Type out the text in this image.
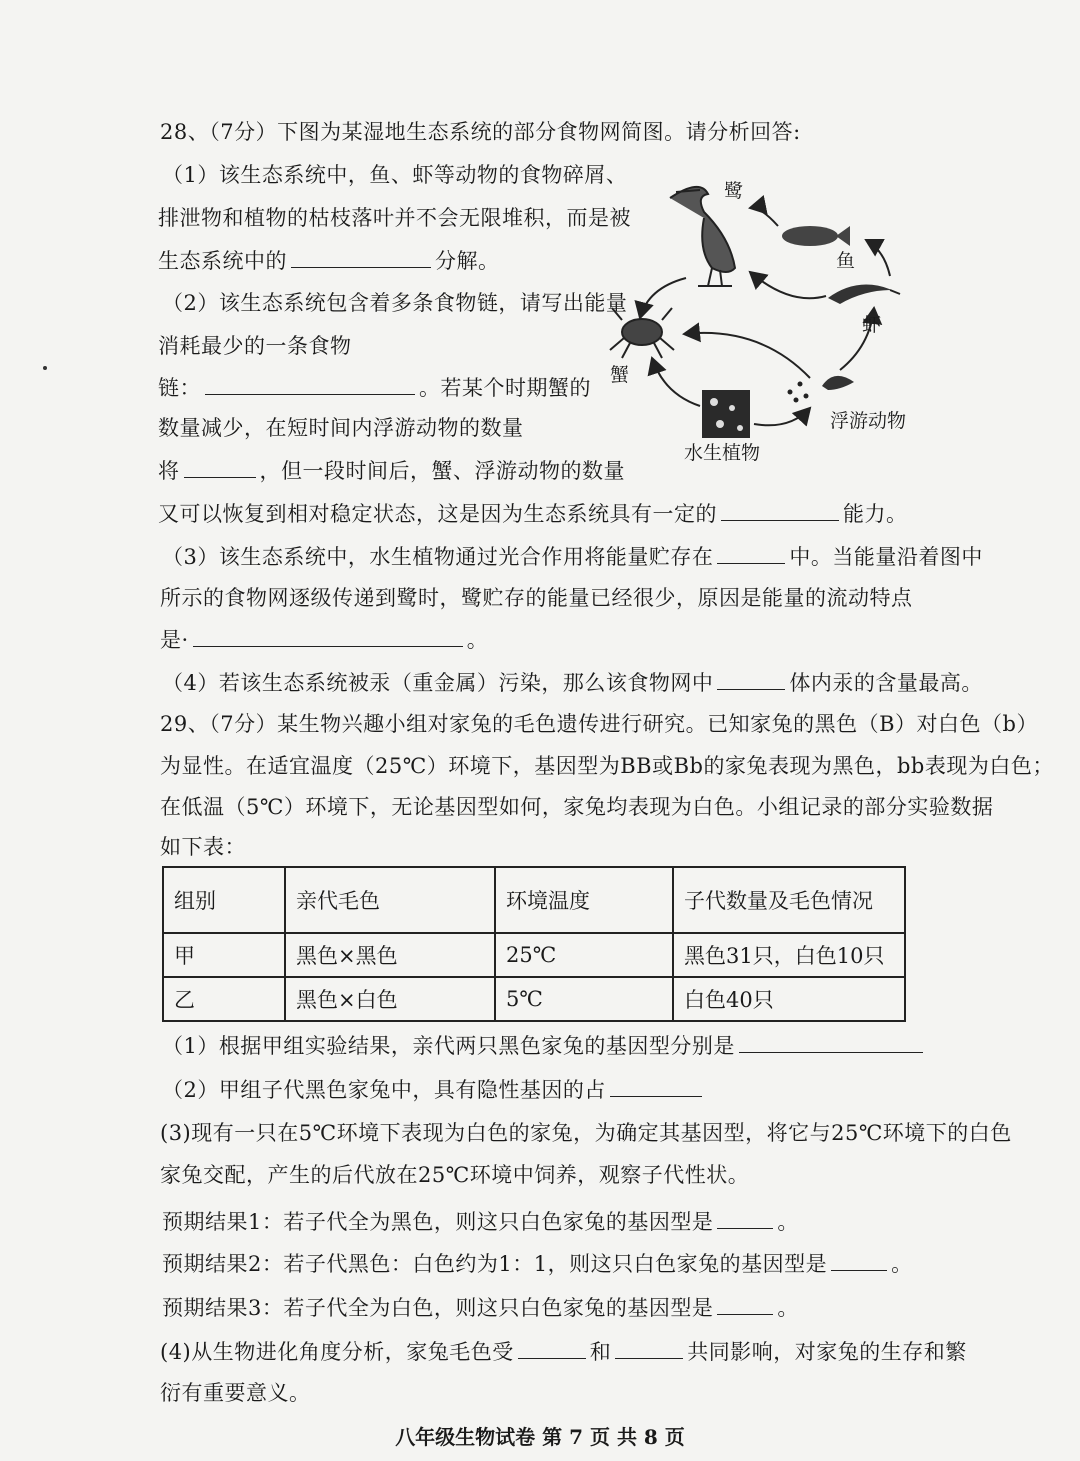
28、（7分）下图为某湿地生态系统的部分食物网简图。请分析回答:
（1）该生态系统中，鱼、虾等动物的食物碎屑、
排泄物和植物的枯枝落叶并不会无限堆积，而是被
生态系统中的	分解。
（2）该生态系统包含着多条食物链，请写出能量
消耗最少的一条食物
链：	。若某个时期蟹的
数量减少，在短时间内浮游动物的数量
将	，但一段时间后，蟹、浮游动物的数量
又可以恢复到相对稳定状态，这是因为生态系统具有一定的	能力。
（3）该生态系统中，水生植物通过光合作用将能量贮存在	中。当能量沿着图中
所示的食物网逐级传递到鹭时，鹭贮存的能量已经很少，原因是能量的流动特点
是·	。
（4）若该生态系统被汞（重金属）污染，那么该食物网中	体内汞的含量最高。
鹭
鱼
虾
蟹
浮游动物
水生植物
29、（7分）某生物兴趣小组对家兔的毛色遗传进行研究。已知家兔的黑色（B）对白色（b）
为显性。在适宜温度（25℃）环境下，基因型为BB或Bb的家兔表现为黑色，bb表现为白色；
在低温（5℃）环境下，无论基因型如何，家兔均表现为白色。小组记录的部分实验数据
如下表：
组别	亲代毛色	环境温度	子代数量及毛色情况
甲	黑色×黑色	25℃	黑色31只，白色10只
乙	黑色×白色	5℃	白色40只
（1）根据甲组实验结果，亲代两只黑色家兔的基因型分别是
（2）甲组子代黑色家兔中，具有隐性基因的占
(3)现有一只在5℃环境下表现为白色的家兔，为确定其基因型，将它与25℃环境下的白色
家兔交配，产生的后代放在25℃环境中饲养，观察子代性状。
预期结果1：若子代全为黑色，则这只白色家兔的基因型是	。
预期结果2：若子代黑色：白色约为1：1，则这只白色家兔的基因型是	。
预期结果3：若子代全为白色，则这只白色家兔的基因型是	。
(4)从生物进化角度分析，家兔毛色受	和	共同影响，对家兔的生存和繁
衍有重要意义。
八年级生物试卷 第 7 页 共 8 页
